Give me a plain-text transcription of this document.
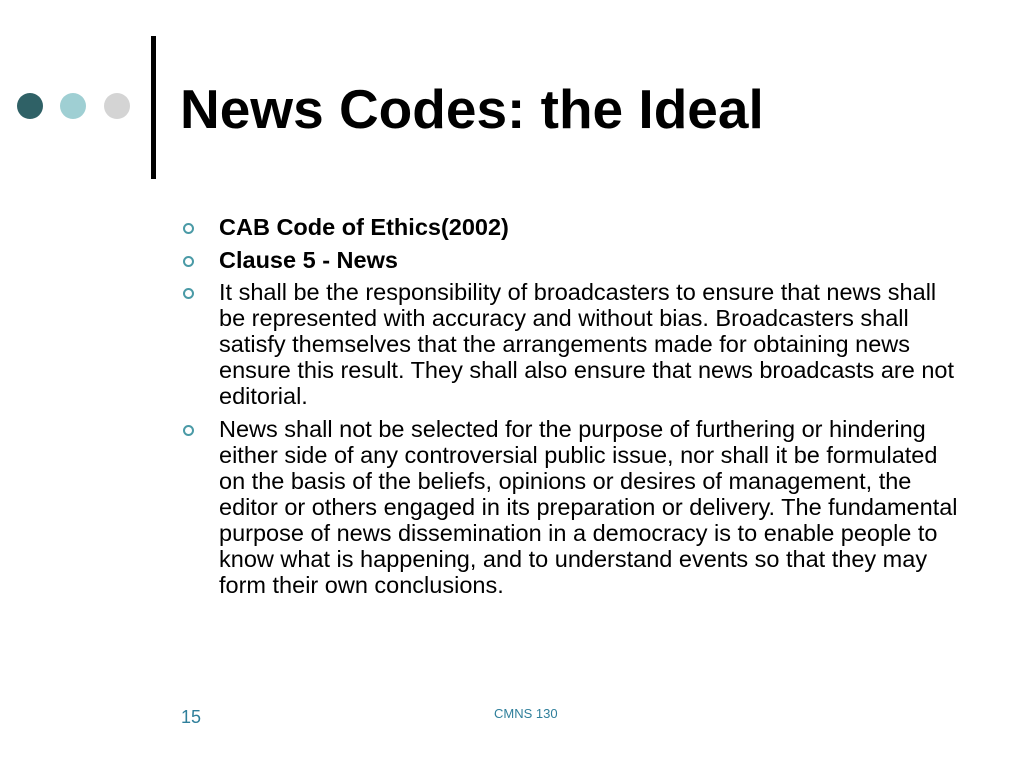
News Codes: the Ideal
CAB Code of Ethics(2002)
Clause 5 - News
It shall be the responsibility of broadcasters to ensure that news shall be represented with accuracy and without bias. Broadcasters shall satisfy themselves that the arrangements made for obtaining news ensure this result. They shall also ensure that news broadcasts are not editorial.
News shall not be selected for the purpose of furthering or hindering either side of any controversial public issue, nor shall it be formulated on the basis of the beliefs, opinions or desires of management, the editor or others engaged in its preparation or delivery. The fundamental purpose of news dissemination in a democracy is to enable people to know what is happening, and to understand events so that they may form their own conclusions.
15	CMNS 130
